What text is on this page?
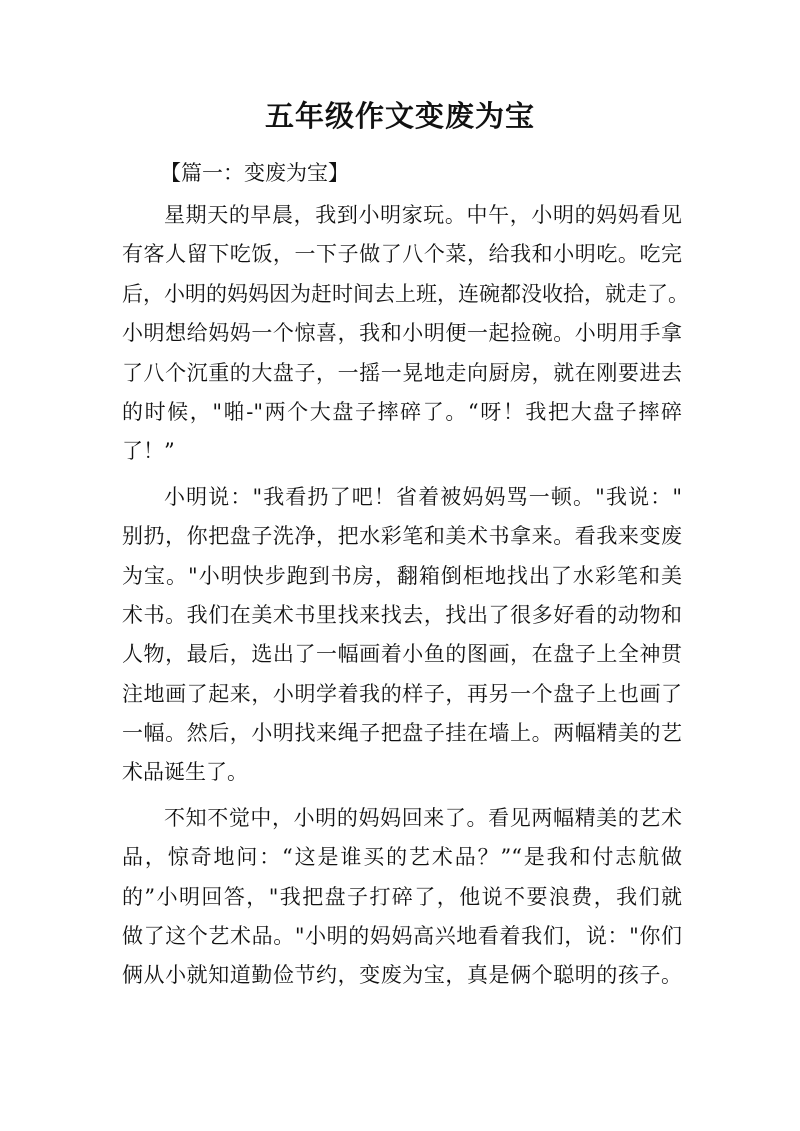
五年级作文变废为宝
【篇一：变废为宝】
星期天的早晨，我到小明家玩。中午，小明的妈妈看见
有客人留下吃饭，一下子做了八个菜，给我和小明吃。吃完
后，小明的妈妈因为赶时间去上班，连碗都没收拾，就走了。
小明想给妈妈一个惊喜，我和小明便一起捡碗。小明用手拿
了八个沉重的大盘子，一摇一晃地走向厨房，就在刚要进去
的时候，"啪-"两个大盘子摔碎了。“呀！我把大盘子摔碎
了！”
小明说："我看扔了吧！省着被妈妈骂一顿。"我说："
别扔，你把盘子洗净，把水彩笔和美术书拿来。看我来变废
为宝。"小明快步跑到书房，翻箱倒柜地找出了水彩笔和美
术书。我们在美术书里找来找去，找出了很多好看的动物和
人物，最后，选出了一幅画着小鱼的图画，在盘子上全神贯
注地画了起来，小明学着我的样子，再另一个盘子上也画了
一幅。然后，小明找来绳子把盘子挂在墙上。两幅精美的艺
术品诞生了。
不知不觉中，小明的妈妈回来了。看见两幅精美的艺术
品，惊奇地问：“这是谁买的艺术品？”“是我和付志航做
的”小明回答，"我把盘子打碎了，他说不要浪费，我们就
做了这个艺术品。"小明的妈妈高兴地看着我们，说："你们
俩从小就知道勤俭节约，变废为宝，真是俩个聪明的孩子。
